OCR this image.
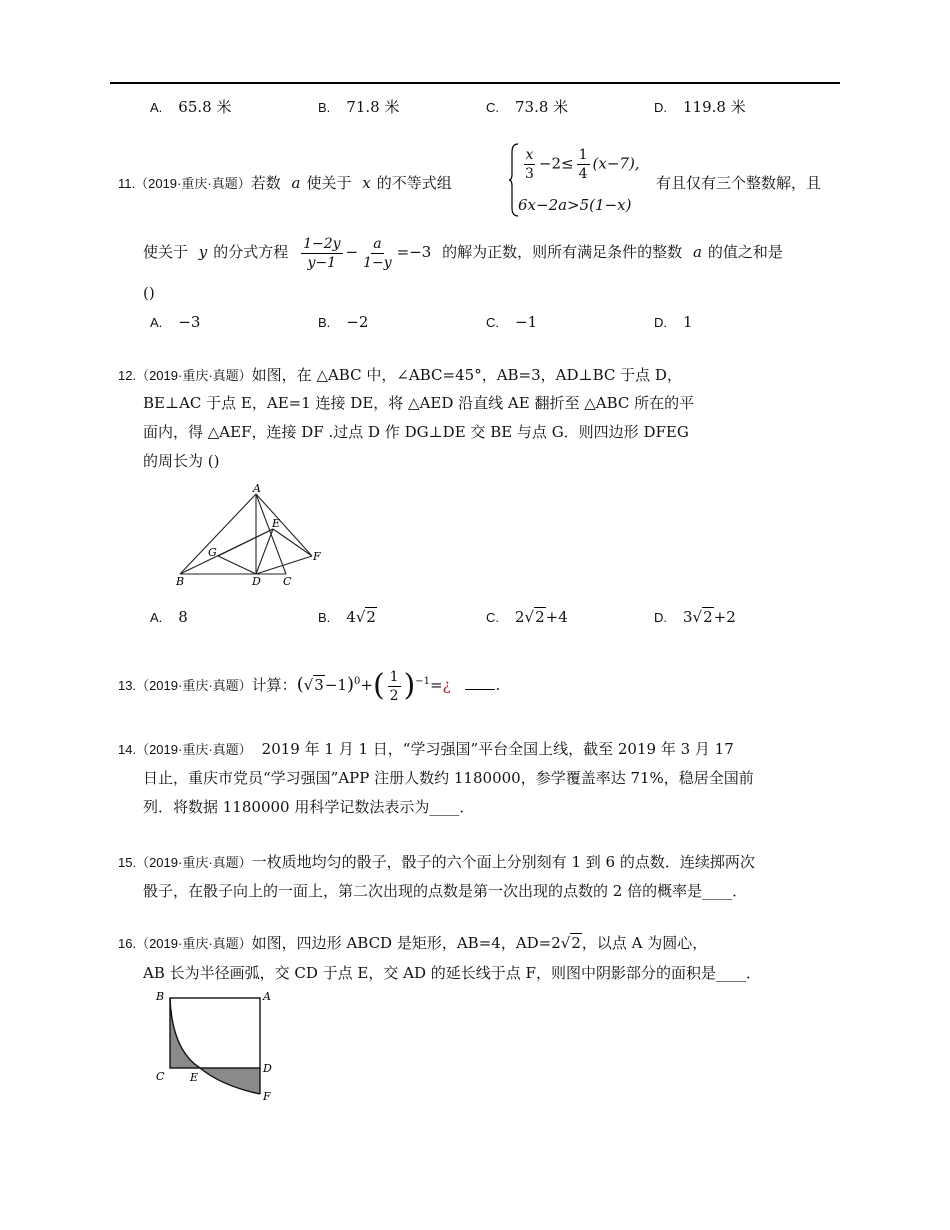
A. 65.8 米	B. 71.8 米	C. 73.8 米	D. 119.8 米
11.（2019·重庆·真题）若数 a 使关于 x 的不等式组	$\frac{x}{3} -2\le \frac{1}{4} (x-7)$,
6x−2a>5(1−x)
有且仅有三个整数解，且
使关于 y 的分式方程 $\frac{1-2y}{y-1} - \frac{a}{1-y} =-3$ 的解为正数，则所有满足条件的整数 a 的值之和是
()
A. −3	B. −2	C. −1	D. 1
12.（2019·重庆·真题）如图，在 △ABC 中，∠ABC=45°，AB=3，AD⊥BC 于点 D，
BE⊥AC 于点 E，AE=1 连接 DE，将 △AED 沿直线 AE 翻折至 △ABC 所在的平
面内，得 △AEF，连接 DF .过点 D 作 DG⊥DE 交 BE 与点 G．则四边形 DFEG
的周长为 ()
A
E
F
G
B	D C
A. 8	B. 4√2	C. 2√2+4	D. 3√2+2
13.（2019·重庆·真题）计算：$(√3-1)^0+( \frac{1}{2}$ )$^{-1}=¿$	.
14.（2019·重庆·真题） 2019 年 1 月 1 日，“学习强国”平台全国上线，截至 2019 年 3 月 17
日止，重庆市党员“学习强国”APP 注册人数约 1180000，参学覆盖率达 71%，稳居全国前
列．将数据 1180000 用科学记数法表示为____．
15.（2019·重庆·真题）一枚质地均匀的骰子，骰子的六个面上分别刻有 1 到 6 的点数．连续掷两次
骰子，在骰子向上的一面上，第二次出现的点数是第一次出现的点数的 2 倍的概率是____．
16.（2019·重庆·真题）如图，四边形 ABCD 是矩形，AB=4，AD=2√2，以点 A 为圆心，
AB 长为半径画弧，交 CD 于点 E，交 AD 的延长线于点 F，则图中阴影部分的面积是____．
B	A
C E
D
F
